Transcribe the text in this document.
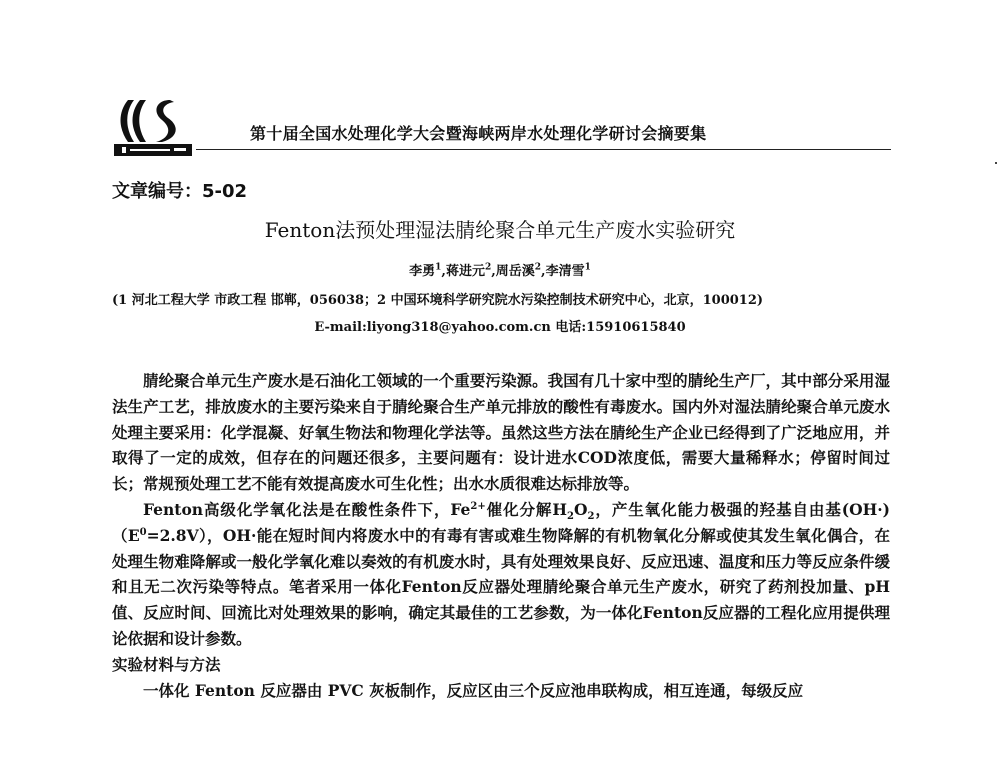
第十届全国水处理化学大会暨海峡两岸水处理化学研讨会摘要集
文章编号：5-02
Fenton法预处理湿法腈纶聚合单元生产废水实验研究
李勇$^1$,蒋进元$^2$,周岳溪$^2$,李清雪$^1$
(1 河北工程大学 市政工程 邯郸，056038；2 中国环境科学研究院水污染控制技术研究中心，北京，100012)
E-mail:liyong318@yahoo.com.cn 电话:15910615840

腈纶聚合单元生产废水是石油化工领域的一个重要污染源。我国有几十家中型的腈纶生产厂，其中部分采用湿法生产工艺，排放废水的主要污染来自于腈纶聚合生产单元排放的酸性有毒废水。国内外对湿法腈纶聚合单元废水处理主要采用：化学混凝、好氧生物法和物理化学法等。虽然这些方法在腈纶生产企业已经得到了广泛地应用，并取得了一定的成效，但存在的问题还很多，主要问题有：设计进水COD浓度低，需要大量稀释水；停留时间过长；常规预处理工艺不能有效提高废水可生化性；出水水质很难达标排放等。

Fenton高级化学氧化法是在酸性条件下，$Fe^{2+}$催化分解$H_2O_2$，产生氧化能力极强的羟基自由基$(OH\cdot)(E^0=2.8V)$，OH·能在短时间内将废水中的有毒有害或难生物降解的有机物氧化分解或使其发生氧化偶合，在处理生物难降解或一般化学氧化难以奏效的有机废水时，具有处理效果良好、反应迅速、温度和压力等反应条件缓和且无二次污染等特点。笔者采用一体化Fenton反应器处理腈纶聚合单元生产废水，研究了药剂投加量、pH值、反应时间、回流比对处理效果的影响，确定其最佳的工艺参数，为一体化Fenton反应器的工程化应用提供理论依据和设计参数。

实验材料与方法

一体化 Fenton 反应器由 PVC 灰板制作，反应区由三个反应池串联构成，相互连通，每级反应
